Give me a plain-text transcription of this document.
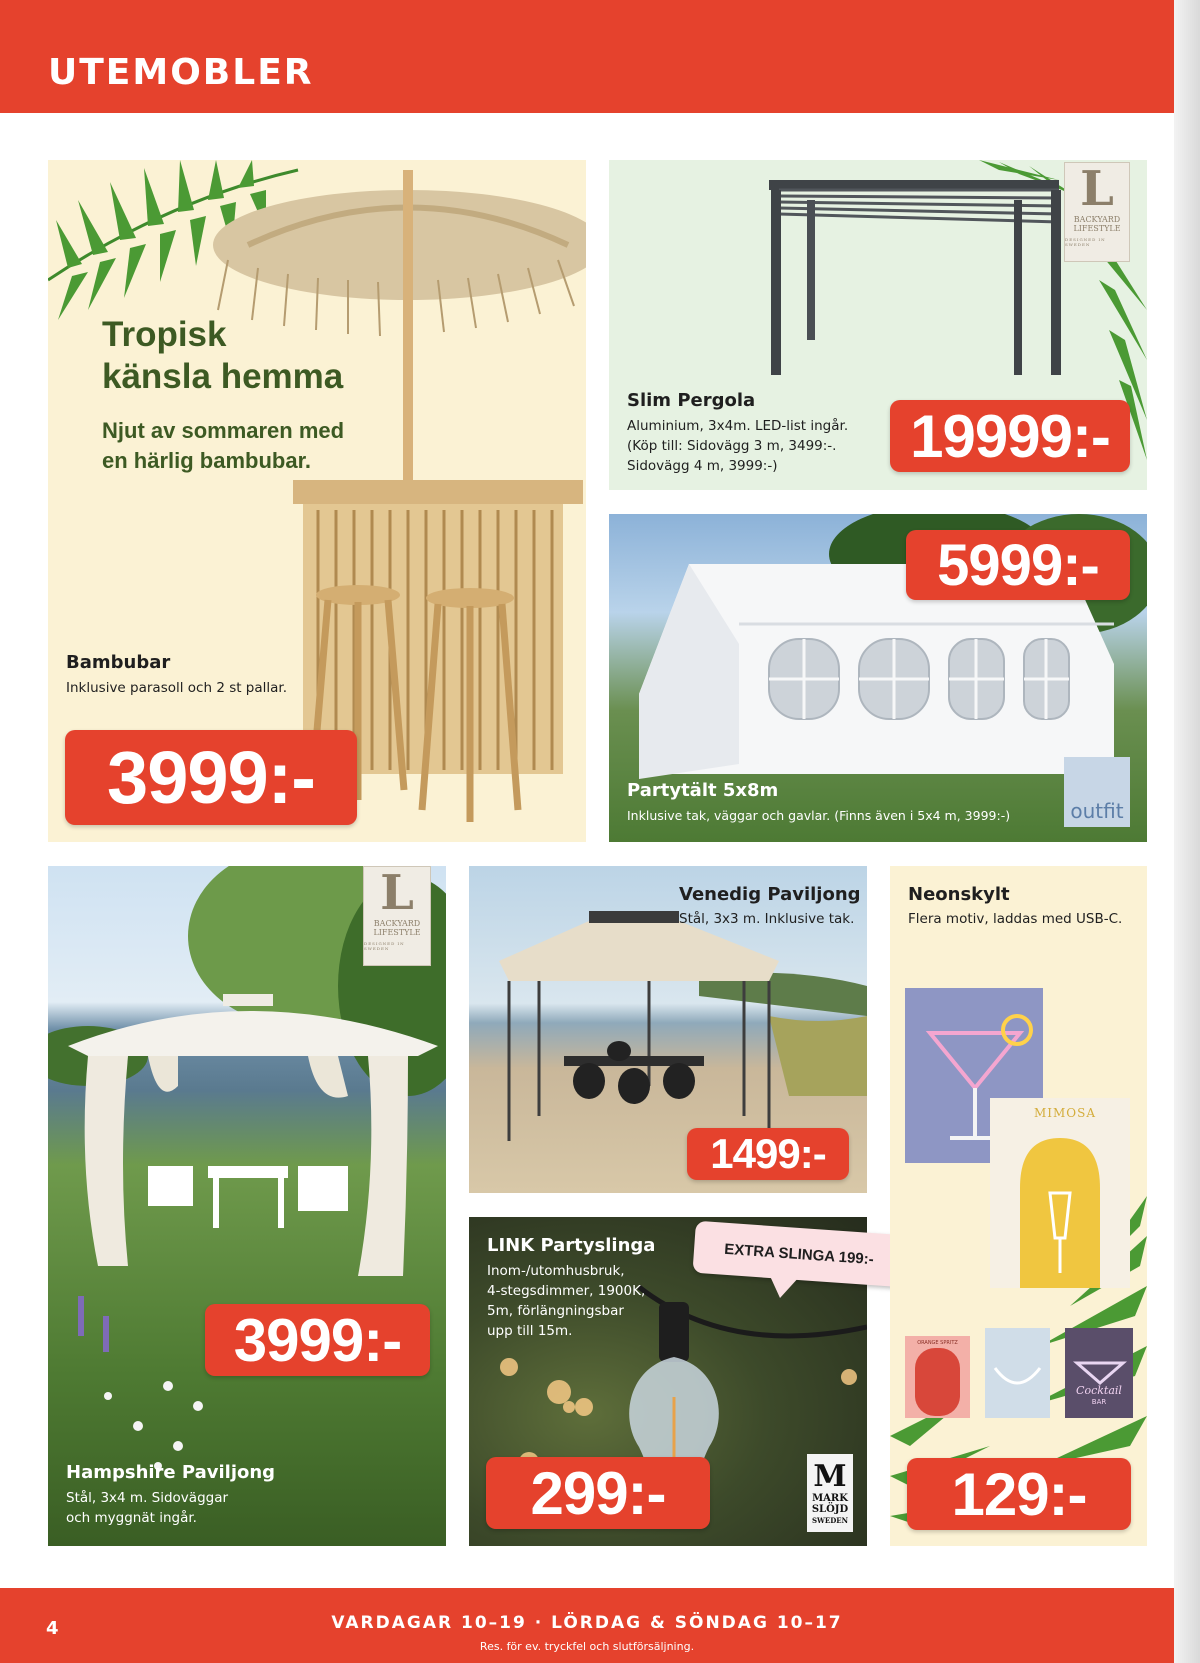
UTEMOBLER
Tropisk
känsla hemma
Njut av sommaren med
en härlig bambubar.
Bambubar
Inklusive parasoll och 2 st pallar.
3999:-
L
BACKYARD
LIFESTYLE
DESIGNED IN SWEDEN
Slim Pergola
Aluminium, 3x4m. LED-list ingår.
(Köp till: Sidovägg 3 m, 3499:-.
Sidovägg 4 m, 3999:-)	19999:-
5999:-
Partytält 5x8m
Inklusive tak, väggar och gavlar. (Finns även i 5x4 m, 3999:-)	outfit
L
BACKYARD
LIFESTYLE
DESIGNED IN SWEDEN
3999:-
Hampshire Paviljong
Stål, 3x4 m. Sidoväggar
och myggnät ingår.
Venedig Paviljong
Stål, 3x3 m. Inklusive tak.
1499:-
LINK Partyslinga
Inom-/utomhusbruk,
4-stegsdimmer, 1900K,
5m, förlängningsbar
upp till 15m.
299:-	M
MARK
SLÖJD
SWEDEN
EXTRA SLINGA 199:-
MIMOSA
ORANGE SPRITZ
Cocktail
BAR
Neonskylt
Flera motiv, laddas med USB-C.
129:-
4	VARDAGAR 10–19 · LÖRDAG & SÖNDAG 10–17
Res. för ev. tryckfel och slutförsäljning.
